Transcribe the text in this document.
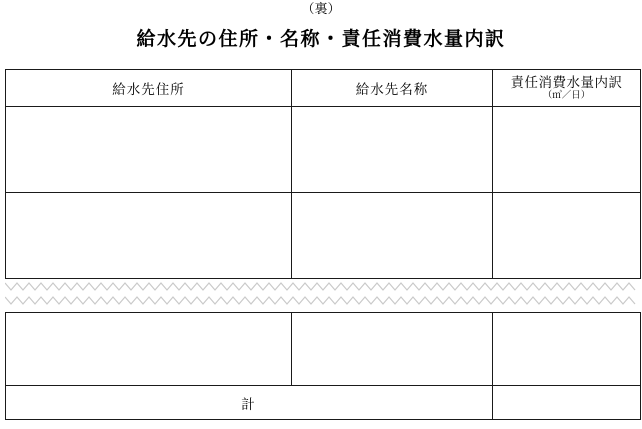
（裏）
給水先の住所・名称・責任消費水量内訳
給水先住所	給水先名称	責任消費水量内訳
（㎥／日）

計		
